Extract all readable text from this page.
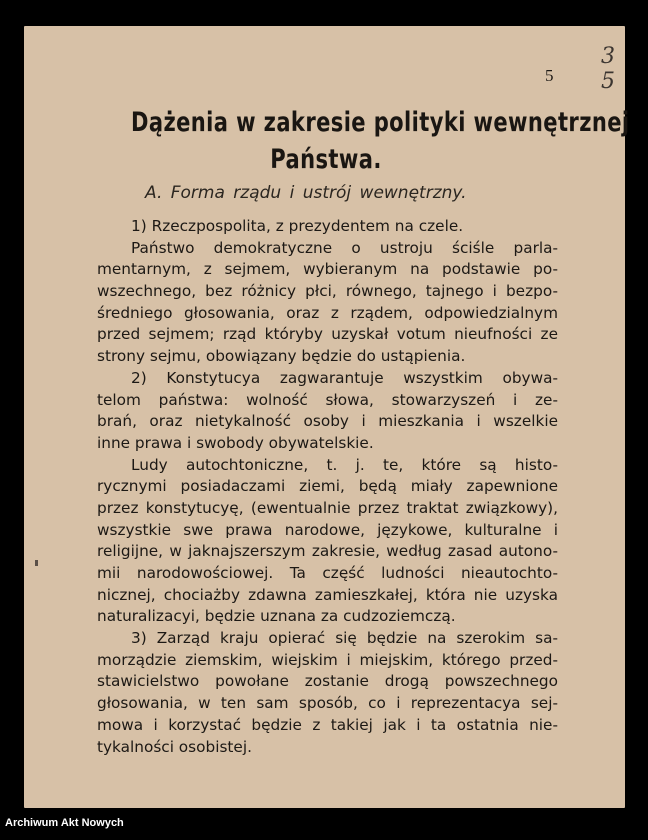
3
5
5
Dążenia w zakresie polityki wewnętrznej
Państwa.
A. Forma rządu i ustrój wewnętrzny.
1) Rzeczpospolita, z prezydentem na czele.
Państwo demokratyczne o ustroju ściśle parla-
mentarnym, z sejmem, wybieranym na podstawie po-
wszechnego, bez różnicy płci, równego, tajnego i bezpo-
średniego głosowania, oraz z rządem, odpowiedzialnym
przed sejmem; rząd któryby uzyskał votum nieufności ze
strony sejmu, obowiązany będzie do ustąpienia.
2) Konstytucya zagwarantuje wszystkim obywa-
telom państwa: wolność słowa, stowarzyszeń i ze-
brań, oraz nietykalność osoby i mieszkania i wszelkie
inne prawa i swobody obywatelskie.
Ludy autochtoniczne, t. j. te, które są histo-
rycznymi posiadaczami ziemi, będą miały zapewnione
przez konstytucyę, (ewentualnie przez traktat związkowy),
wszystkie swe prawa narodowe, językowe, kulturalne i
religijne, w jaknajszerszym zakresie, według zasad autono-
mii narodowościowej. Ta część ludności nieautochto-
nicznej, chociażby zdawna zamieszkałej, która nie uzyska
naturalizacyi, będzie uznana za cudzoziemczą.
3) Zarząd kraju opierać się będzie na szerokim sa-
morządzie ziemskim, wiejskim i miejskim, którego przed-
stawicielstwo powołane zostanie drogą powszechnego
głosowania, w ten sam sposób, co i reprezentacya sej-
mowa i korzystać będzie z takiej jak i ta ostatnia nie-
tykalności osobistej.
Archiwum Akt Nowych
